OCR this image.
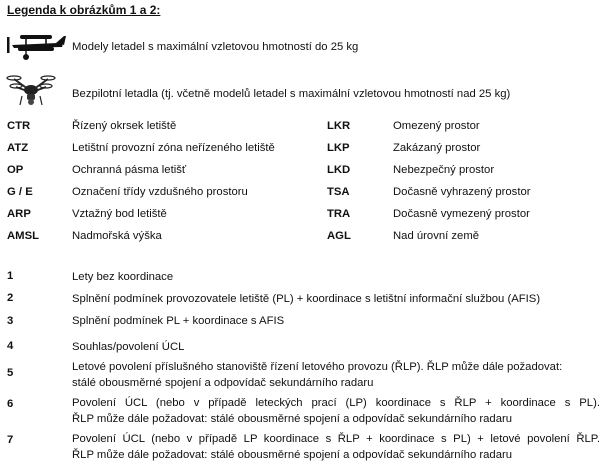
Legenda k obrázkům 1 a 2:
Modely letadel s maximální vzletovou hmotností do 25 kg
Bezpilotní letadla (tj. včetně modelů letadel s maximální vzletovou hmotností nad 25 kg)
CTR	Řízený okrsek letiště	LKR	Omezený prostor
ATZ	Letištní provozní zóna neřízeného letiště	LKP	Zakázaný prostor
OP	Ochranná pásma letišť	LKD	Nebezpečný prostor
G / E	Označení třídy vzdušného prostoru	TSA	Dočasně vyhrazený prostor
ARP	Vztažný bod letiště	TRA	Dočasně vymezený prostor
AMSL	Nadmořská výška	AGL	Nad úrovní země
1	Lety bez koordinace
2	Splnění podmínek provozovatele letiště (PL) + koordinace s letištní informační službou (AFIS)
3	Splnění podmínek PL + koordinace s AFIS
4	Souhlas/povolení ÚCL
5	Letové povolení příslušného stanoviště řízení letového provozu (ŘLP). ŘLP může dále požadovat:
stálé obousměrné spojení a odpovídač sekundárního radaru
6	Povolení ÚCL (nebo v případě leteckých prací (LP) koordinace s ŘLP + koordinace s PL).
ŘLP může dále požadovat: stálé obousměrné spojení a odpovídač sekundárního radaru
7	Povolení ÚCL (nebo v případě LP koordinace s ŘLP + koordinace s PL) + letové povolení ŘLP.
ŘLP může dále požadovat: stálé obousměrné spojení a odpovídač sekundárního radaru
